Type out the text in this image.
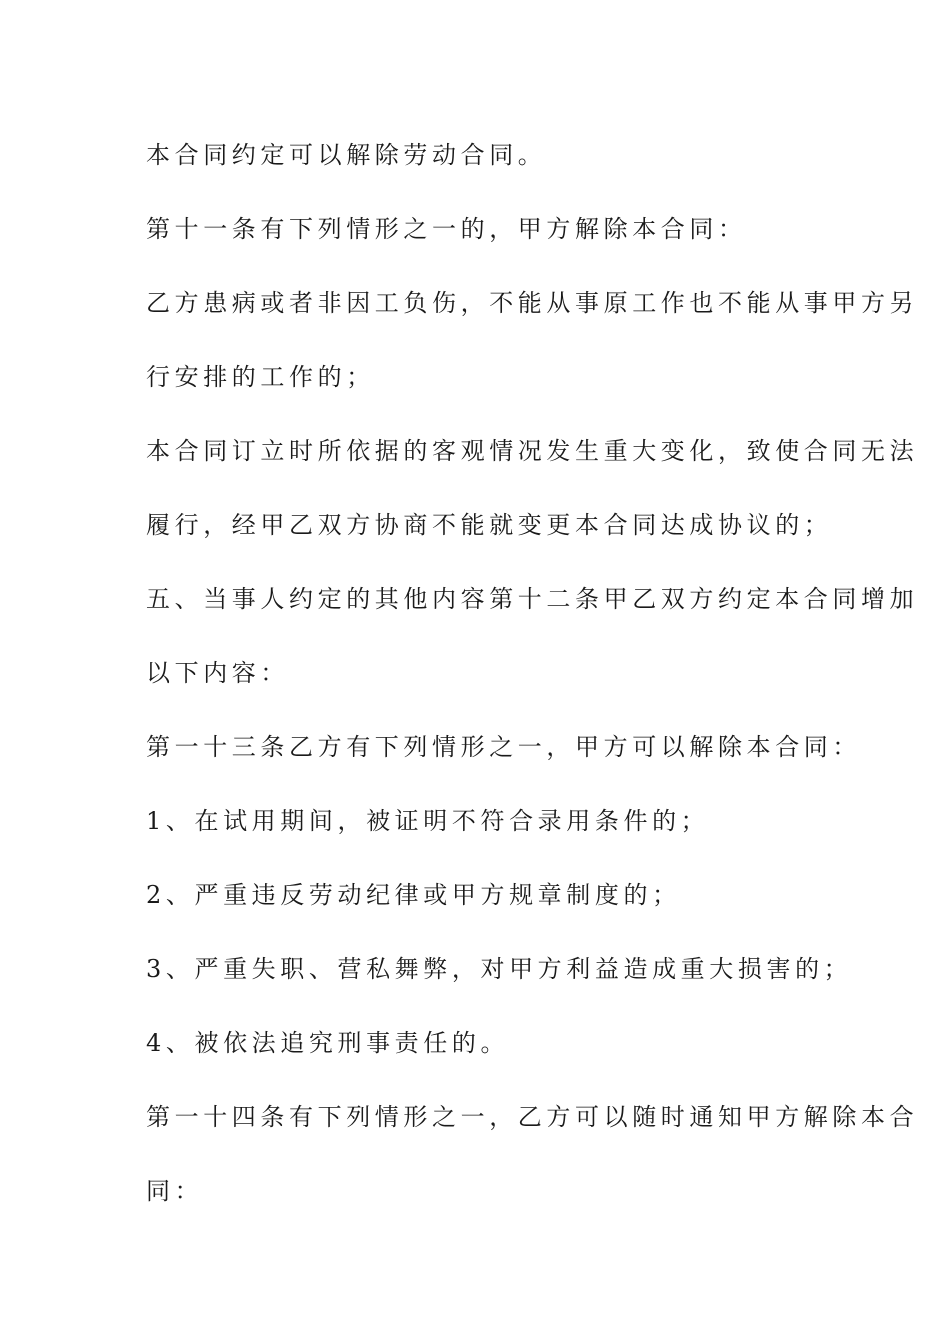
本合同约定可以解除劳动合同。
第十一条有下列情形之一的，甲方解除本合同：
乙方患病或者非因工负伤，不能从事原工作也不能从事甲方另
行安排的工作的；
本合同订立时所依据的客观情况发生重大变化，致使合同无法
履行，经甲乙双方协商不能就变更本合同达成协议的；
五、当事人约定的其他内容第十二条甲乙双方约定本合同增加
以下内容：
第一十三条乙方有下列情形之一，甲方可以解除本合同：
1、在试用期间，被证明不符合录用条件的；
2、严重违反劳动纪律或甲方规章制度的；
3、严重失职、营私舞弊，对甲方利益造成重大损害的；
4、被依法追究刑事责任的。
第一十四条有下列情形之一，乙方可以随时通知甲方解除本合
同：
